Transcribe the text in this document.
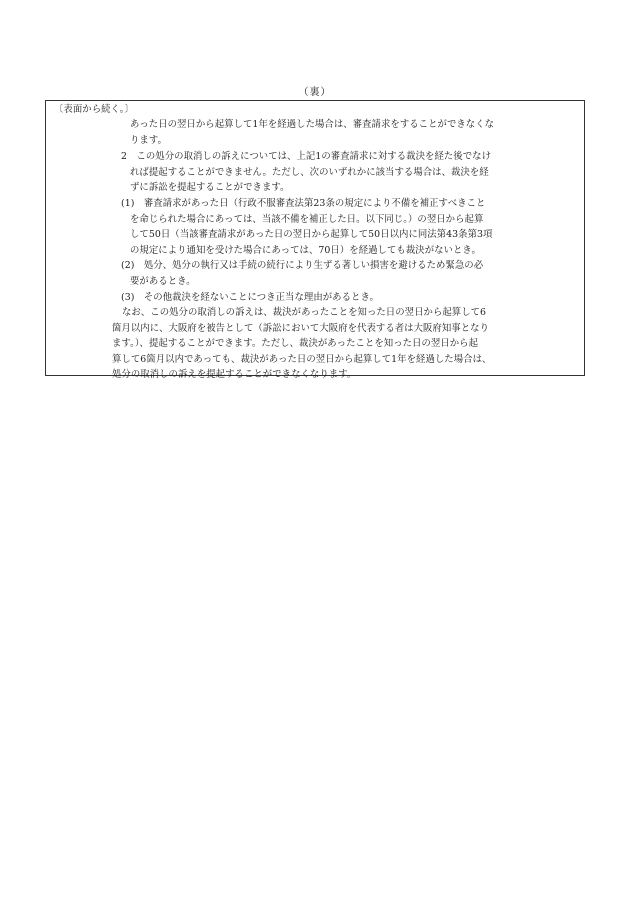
（裏）
〔表面から続く。〕
あった日の翌日から起算して1年を経過した場合は、審査請求をすることができなくな
ります。
2　この処分の取消しの訴えについては、上記1の審査請求に対する裁決を経た後でなけ
れば提起することができません。ただし、次のいずれかに該当する場合は、裁決を経
ずに訴訟を提起することができます。
(1)　審査請求があった日（行政不服審査法第23条の規定により不備を補正すべきこと
を命じられた場合にあっては、当該不備を補正した日。以下同じ。）の翌日から起算
して50日（当該審査請求があった日の翌日から起算して50日以内に同法第43条第3項
の規定により通知を受けた場合にあっては、70日）を経過しても裁決がないとき。
(2)　処分、処分の執行又は手続の続行により生ずる著しい損害を避けるため緊急の必
要があるとき。
(3)　その他裁決を経ないことにつき正当な理由があるとき。
なお、この処分の取消しの訴えは、裁決があったことを知った日の翌日から起算して6
箇月以内に、大阪府を被告として（訴訟において大阪府を代表する者は大阪府知事となり
ます。）、提起することができます。ただし、裁決があったことを知った日の翌日から起
算して6箇月以内であっても、裁決があった日の翌日から起算して1年を経過した場合は、
処分の取消しの訴えを提起することができなくなります。
